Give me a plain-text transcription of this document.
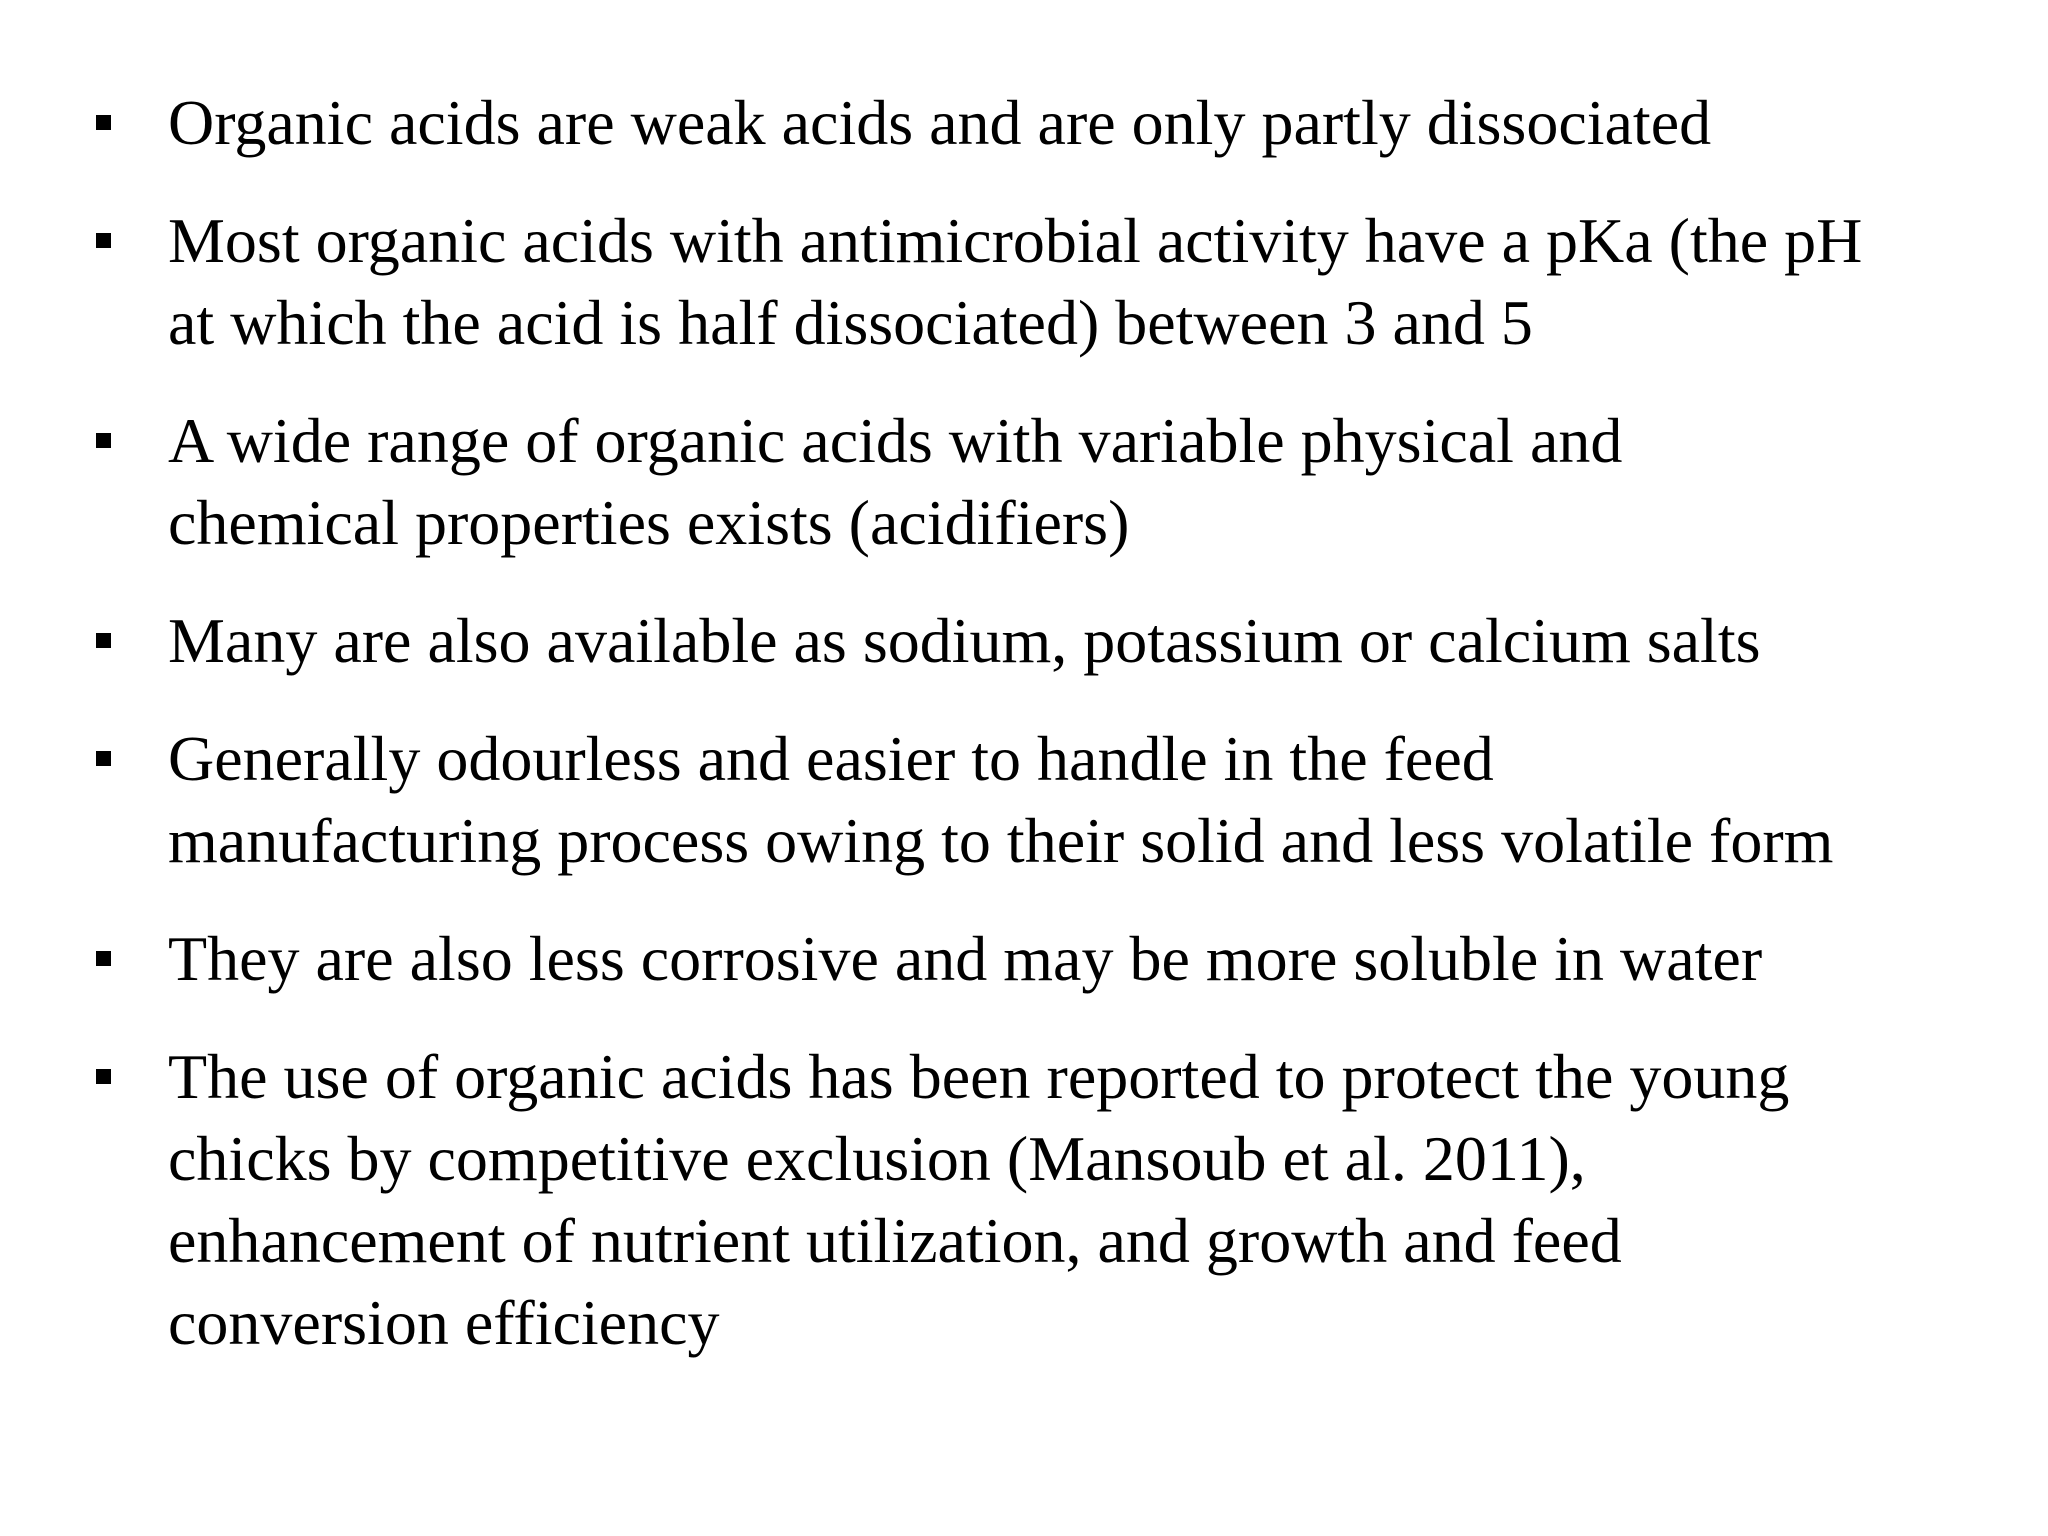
Organic acids are weak acids and are only partly dissociated
Most organic acids with antimicrobial activity have a pKa (the pH
at which the acid is half dissociated) between 3 and 5
A wide range of organic acids with variable physical and
chemical properties exists (acidifiers)
Many are also available as sodium, potassium or calcium salts
Generally odourless and easier to handle in the feed
manufacturing process owing to their solid and less volatile form
They are also less corrosive and may be more soluble in water
The use of organic acids has been reported to protect the young
chicks by competitive exclusion (Mansoub et al. 2011),
enhancement of nutrient utilization, and growth and feed
conversion efficiency
